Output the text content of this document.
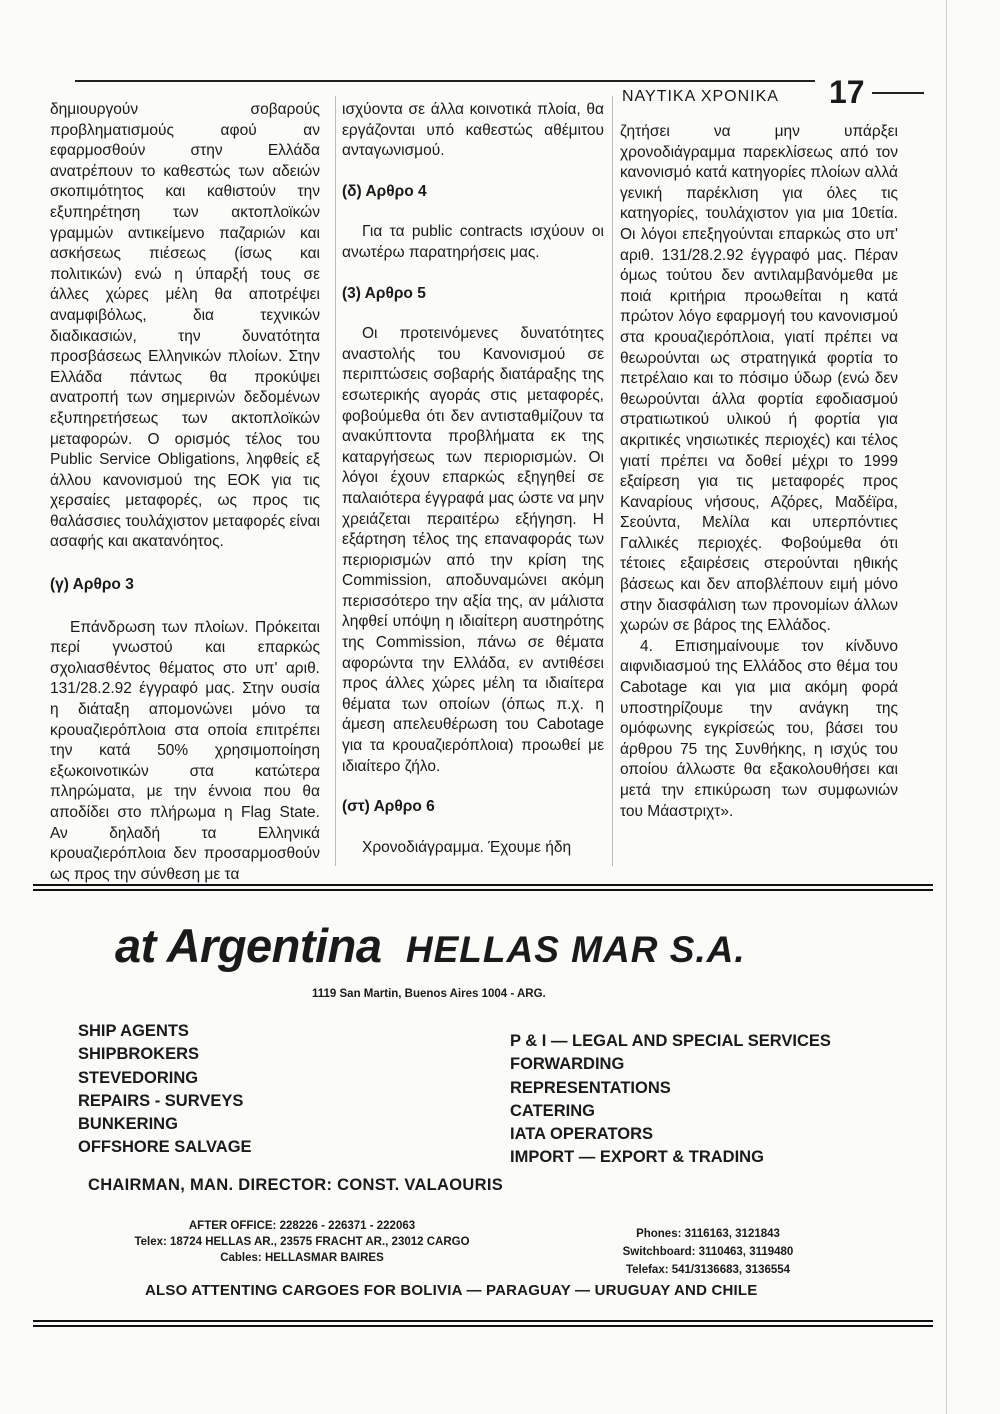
ΝΑΥΤΙΚΑ ΧΡΟΝΙΚΑ 17

δημιουργούν σοβαρούς προβληματισμούς αφού αν εφαρμοσθούν στην Ελλάδα ανατρέπουν το καθεστώς των αδειών σκοπιμότητος και καθιστούν την εξυπηρέτηση των ακτοπλοϊκών γραμμών αντικείμενο παζαριών και ασκήσεως πιέσεως (ίσως και πολιτικών) ενώ η ύπαρξή τους σε άλλες χώρες μέλη θα αποτρέψει αναμφιβόλως, δια τεχνικών διαδικασιών, την δυνατότητα προσβάσεως Ελληνικών πλοίων. Στην Ελλάδα πάντως θα προκύψει ανατροπή των σημερινών δεδομένων εξυπηρετήσεως των ακτοπλοϊκών μεταφορών. Ο ορισμός τέλος του Public Service Obligations, ληφθείς εξ άλλου κανονισμού της ΕΟΚ για τις χερσαίες μεταφορές, ως προς τις θαλάσσιες τουλάχιστον μεταφορές είναι ασαφής και ακατανόητος.

(γ) Αρθρο 3

Επάνδρωση των πλοίων. Πρόκειται περί γνωστού και επαρκώς σχολιασθέντος θέματος στο υπ' αριθ. 131/28.2.92 έγγραφό μας. Στην ουσία η διάταξη απομονώνει μόνο τα κρουαζιερόπλοια στα οποία επιτρέπει την κατά 50% χρησιμοποίηση εξωκοινοτικών στα κατώτερα πληρώματα, με την έννοια που θα αποδίδει στο πλήρωμα η Flag State. Αν δηλαδή τα Ελληνικά κρουαζιερόπλοια δεν προσαρμοσθούν ως προς την σύνθεση με τα

ισχύοντα σε άλλα κοινοτικά πλοία, θα εργάζονται υπό καθεστώς αθέμιτου ανταγωνισμού.

(δ) Αρθρο 4

Για τα public contracts ισχύουν οι ανωτέρω παρατηρήσεις μας.

(3) Αρθρο 5

Οι προτεινόμενες δυνατότητες αναστολής του Κανονισμού σε περιπτώσεις σοβαρής διατάραξης της εσωτερικής αγοράς στις μεταφορές, φοβούμεθα ότι δεν αντισταθμίζουν τα ανακύπτοντα προβλήματα εκ της καταργήσεως των περιορισμών. Οι λόγοι έχουν επαρκώς εξηγηθεί σε παλαιότερα έγγραφά μας ώστε να μην χρειάζεται περαιτέρω εξήγηση. Η εξάρτηση τέλος της επαναφοράς των περιορισμών από την κρίση της Commission, αποδυναμώνει ακόμη περισσότερο την αξία της, αν μάλιστα ληφθεί υπόψη η ιδιαίτερη αυστηρότης της Commission, πάνω σε θέματα αφορώντα την Ελλάδα, εν αντιθέσει προς άλλες χώρες μέλη τα ιδιαίτερα θέματα των οποίων (όπως π.χ. η άμεση απελευθέρωση του Cabotage για τα κρουαζιερόπλοια) προωθεί με ιδιαίτερο ζήλο.

(στ) Αρθρο 6

Χρονοδιάγραμμα. Έχουμε ήδη

ζητήσει να μην υπάρξει χρονοδιάγραμμα παρεκλίσεως από τον κανονισμό κατά κατηγορίες πλοίων αλλά γενική παρέκλιση για όλες τις κατηγορίες, τουλάχιστον για μια 10ετία. Οι λόγοι επεξηγούνται επαρκώς στο υπ' αριθ. 131/28.2.92 έγγραφό μας. Πέραν όμως τούτου δεν αντιλαμβανόμεθα με ποιά κριτήρια προωθείται η κατά πρώτον λόγο εφαρμογή του κανονισμού στα κρουαζιερόπλοια, γιατί πρέπει να θεωρούνται ως στρατηγικά φορτία το πετρέλαιο και το πόσιμο ύδωρ (ενώ δεν θεωρούνται άλλα φορτία εφοδιασμού στρατιωτικού υλικού ή φορτία για ακριτικές νησιωτικές περιοχές) και τέλος γιατί πρέπει να δοθεί μέχρι το 1999 εξαίρεση για τις μεταφορές προς Καναρίους νήσους, Αζόρες, Μαδέϊρα, Σεούντα, Μελίλα και υπερπόντιες Γαλλικές περιοχές. Φοβούμεθα ότι τέτοιες εξαιρέσεις στερούνται ηθικής βάσεως και δεν αποβλέπουν ειμή μόνο στην διασφάλιση των προνομίων άλλων χωρών σε βάρος της Ελλάδος.

4. Επισημαίνουμε τον κίνδυνο αιφνιδιασμού της Ελλάδος στο θέμα του Cabotage και για μια ακόμη φορά υποστηρίζουμε την ανάγκη της ομόφωνης εγκρίσεώς του, βάσει του άρθρου 75 της Συνθήκης, η ισχύς του οποίου άλλωστε θα εξακολουθήσει και μετά την επικύρωση των συμφωνιών του Μάαστριχτ».

at Argentina HELLAS MAR S.A.
1119 San Martin, Buenos Aires 1004 - ARG.
SHIP AGENTS
SHIPBROKERS
STEVEDORING
REPAIRS - SURVEYS
BUNKERING
OFFSHORE SALVAGE
P & I — LEGAL AND SPECIAL SERVICES
FORWARDING
REPRESENTATIONS
CATERING
IATA OPERATORS
IMPORT — EXPORT & TRADING
CHAIRMAN, MAN. DIRECTOR: CONST. VALAOURIS
AFTER OFFICE: 228226 - 226371 - 222063
Telex: 18724 HELLAS AR., 23575 FRACHT AR., 23012 CARGO
Cables: HELLASMAR BAIRES
Phones: 3116163, 3121843
Switchboard: 3110463, 3119480
Telefax: 541/3136683, 3136554
ALSO ATTENTING CARGOES FOR BOLIVIA — PARAGUAY — URUGUAY AND CHILE
